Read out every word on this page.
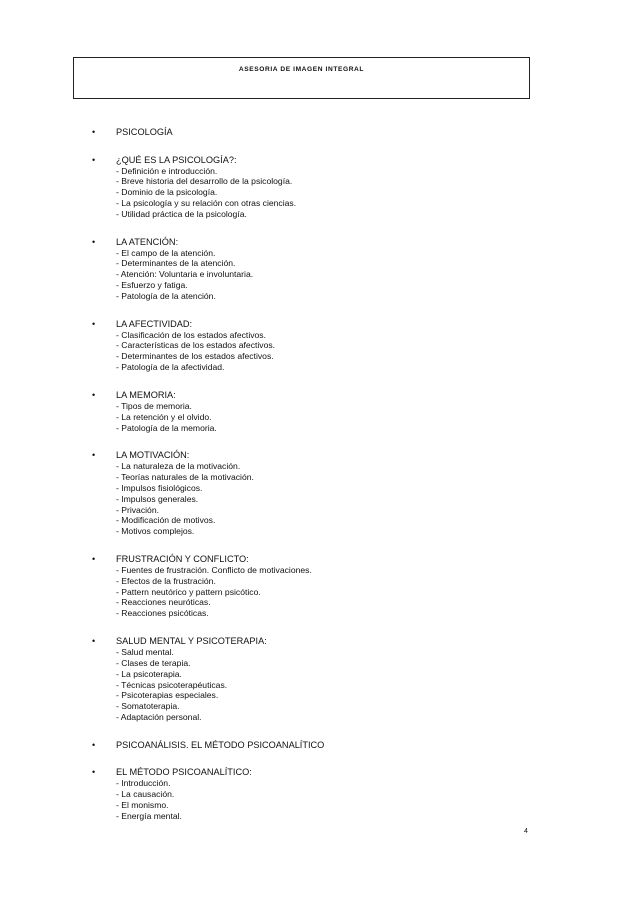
ASESORIA DE IMAGEN INTEGRAL
• PSICOLOGÍA
• ¿QUÉ ES LA PSICOLOGÍA?:
- Definición e introducción.
- Breve historia del desarrollo de la psicología.
- Dominio de la psicología.
- La psicología y su relación con otras ciencias.
- Utilidad práctica de la psicología.
• LA ATENCIÓN:
- El campo de la atención.
- Determinantes de la atención.
- Atención: Voluntaria e involuntaria.
- Esfuerzo y fatiga.
- Patología de la atención.
• LA AFECTIVIDAD:
- Clasificación de los estados afectivos.
- Características de los estados afectivos.
- Determinantes de los estados afectivos.
- Patología de la afectividad.
• LA MEMORIA:
- Tipos de memoria.
- La retención y el olvido.
- Patología de la memoria.
• LA MOTIVACIÓN:
- La naturaleza de la motivación.
- Teorías naturales de la motivación.
- Impulsos fisiológicos.
- Impulsos generales.
- Privación.
- Modificación de motivos.
- Motivos complejos.
• FRUSTRACIÓN Y CONFLICTO:
- Fuentes de frustración. Conflicto de motivaciones.
- Efectos de la frustración.
- Pattern neutórico y pattern psicótico.
- Reacciones neuróticas.
- Reacciones psicóticas.
• SALUD MENTAL Y PSICOTERAPIA:
- Salud mental.
- Clases de terapia.
- La psicoterapia.
- Técnicas psicoterapéuticas.
- Psicoterapias especiales.
- Somatoterapia.
- Adaptación personal.
• PSICOANÁLISIS. EL MÉTODO PSICOANALÍTICO
• EL MÉTODO PSICOANALÍTICO:
- Introducción.
- La causación.
- El monismo.
- Energía mental.
4
